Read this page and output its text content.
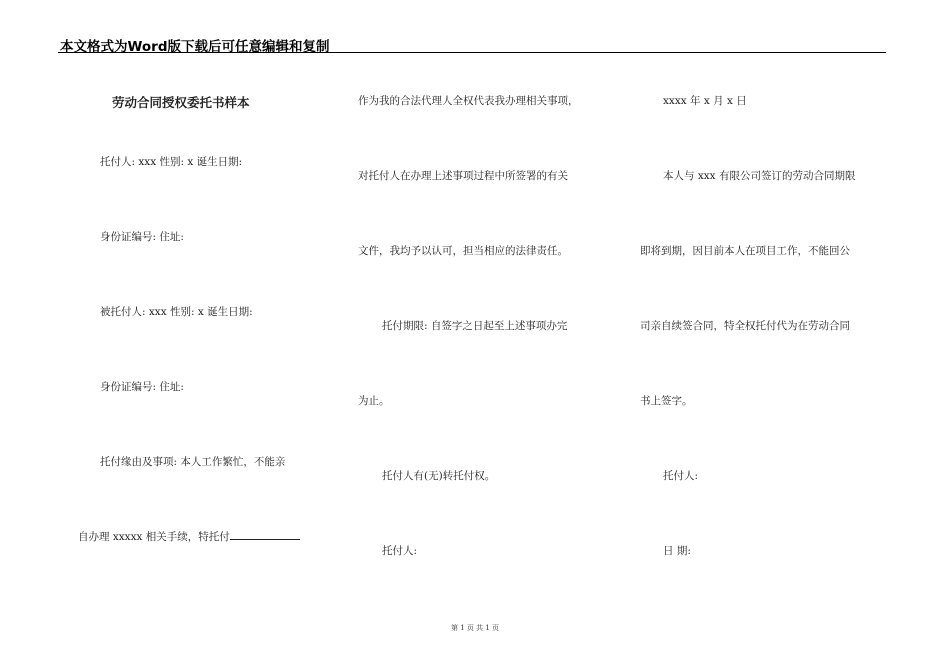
本文格式为Word版下载后可任意编辑和复制
劳动合同授权委托书样本
托付人: xxx 性别: x 诞生日期:
身份证编号: 住址:
被托付人: xxx 性别: x 诞生日期:
身份证编号: 住址:
托付缘由及事项: 本人工作繁忙，不能亲
自办理 xxxxx 相关手续，特托付
作为我的合法代理人全权代表我办理相关事项，
对托付人在办理上述事项过程中所签署的有关
文件，我均予以认可，担当相应的法律责任。
托付期限: 自签字之日起至上述事项办完
为止。
托付人有(无)转托付权。
托付人:
xxxx 年 x 月 x 日
本人与 xxx 有限公司签订的劳动合同期限
即将到期，因目前本人在项目工作，不能回公
司亲自续签合同，特全权托付代为在劳动合同
书上签字。
托付人:
日 期:
第 1 页 共 1 页
